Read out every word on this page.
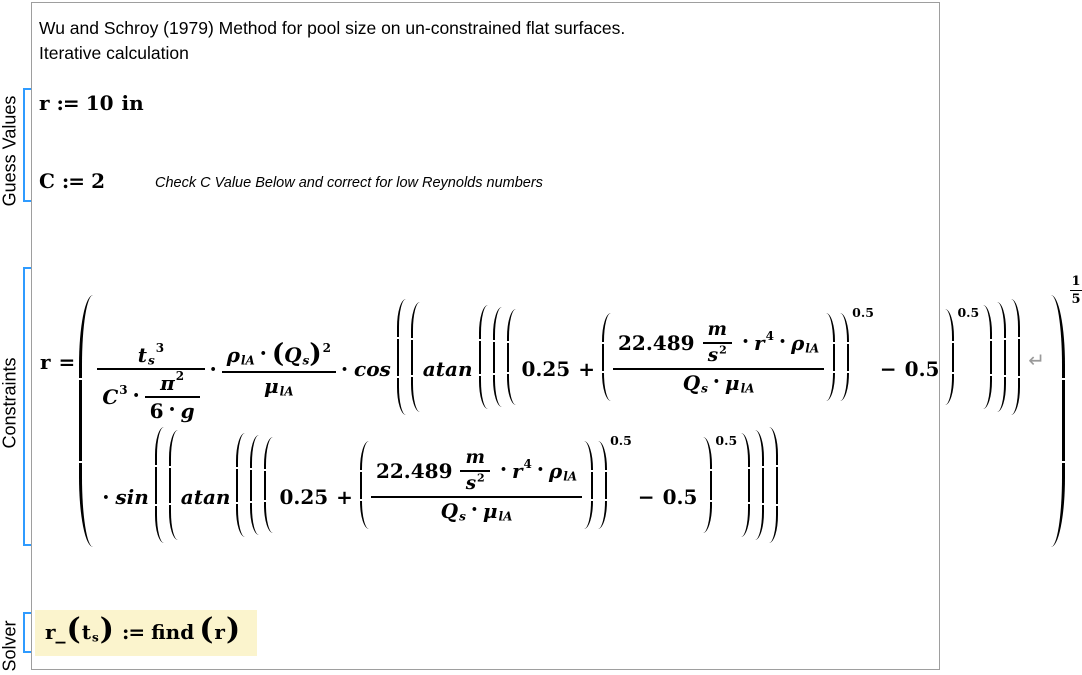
Wu and Schroy (1979) Method for pool size on un-constrained flat surfaces.
Iterative calculation
Guess Values
Constraints
Solver
r := 10 in
C := 2	Check C Value Below and correct for low Reynolds numbers
r =	t s
3
C 3 • $\frac{\pi 2}{6 • g}$
•
ρ lA
• ( Q s ) 2
μ lA
• cos atan 0.25 +
$22.489 \frac{m}{s 2}$ • r 4 • ρ lA
Q s
• μ lA
0.5
− 0.5
0.5
↵
• sin atan 0.25 +
$22.489 \frac{m}{s 2}$ • r 4 • ρ lA
Q s
• μ lA
0.5
− 0.5
0.5
1
5
r _ ( t s ) := find ( r )
